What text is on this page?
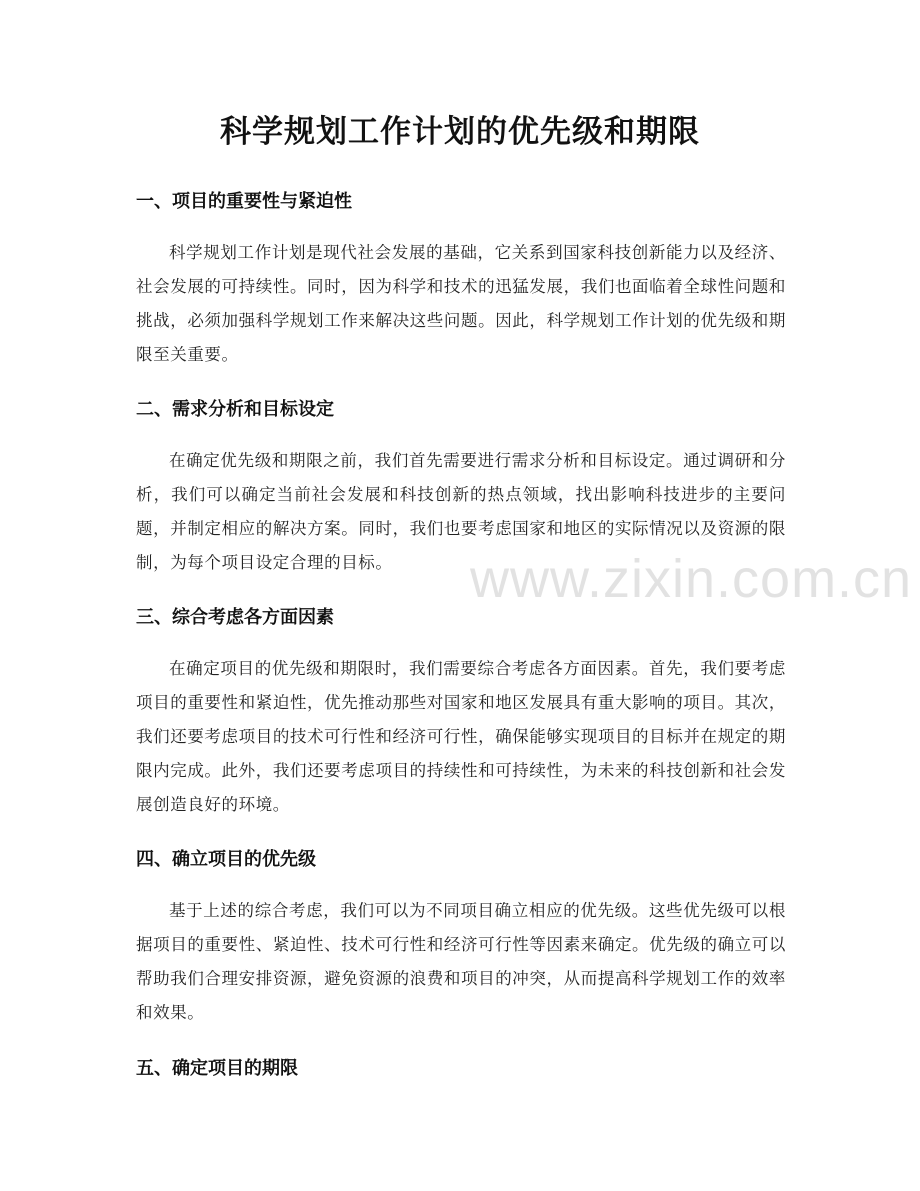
科学规划工作计划的优先级和期限
一、项目的重要性与紧迫性

科学规划工作计划是现代社会发展的基础，它关系到国家科技创新能力以及经济、社会发展的可持续性。同时，因为科学和技术的迅猛发展，我们也面临着全球性问题和挑战，必须加强科学规划工作来解决这些问题。因此，科学规划工作计划的优先级和期限至关重要。

二、需求分析和目标设定

在确定优先级和期限之前，我们首先需要进行需求分析和目标设定。通过调研和分析，我们可以确定当前社会发展和科技创新的热点领域，找出影响科技进步的主要问题，并制定相应的解决方案。同时，我们也要考虑国家和地区的实际情况以及资源的限制，为每个项目设定合理的目标。

三、综合考虑各方面因素

在确定项目的优先级和期限时，我们需要综合考虑各方面因素。首先，我们要考虑项目的重要性和紧迫性，优先推动那些对国家和地区发展具有重大影响的项目。其次，我们还要考虑项目的技术可行性和经济可行性，确保能够实现项目的目标并在规定的期限内完成。此外，我们还要考虑项目的持续性和可持续性，为未来的科技创新和社会发展创造良好的环境。

四、确立项目的优先级

基于上述的综合考虑，我们可以为不同项目确立相应的优先级。这些优先级可以根据项目的重要性、紧迫性、技术可行性和经济可行性等因素来确定。优先级的确立可以帮助我们合理安排资源，避免资源的浪费和项目的冲突，从而提高科学规划工作的效率和效果。

五、确定项目的期限
www.zixin.com.cn
